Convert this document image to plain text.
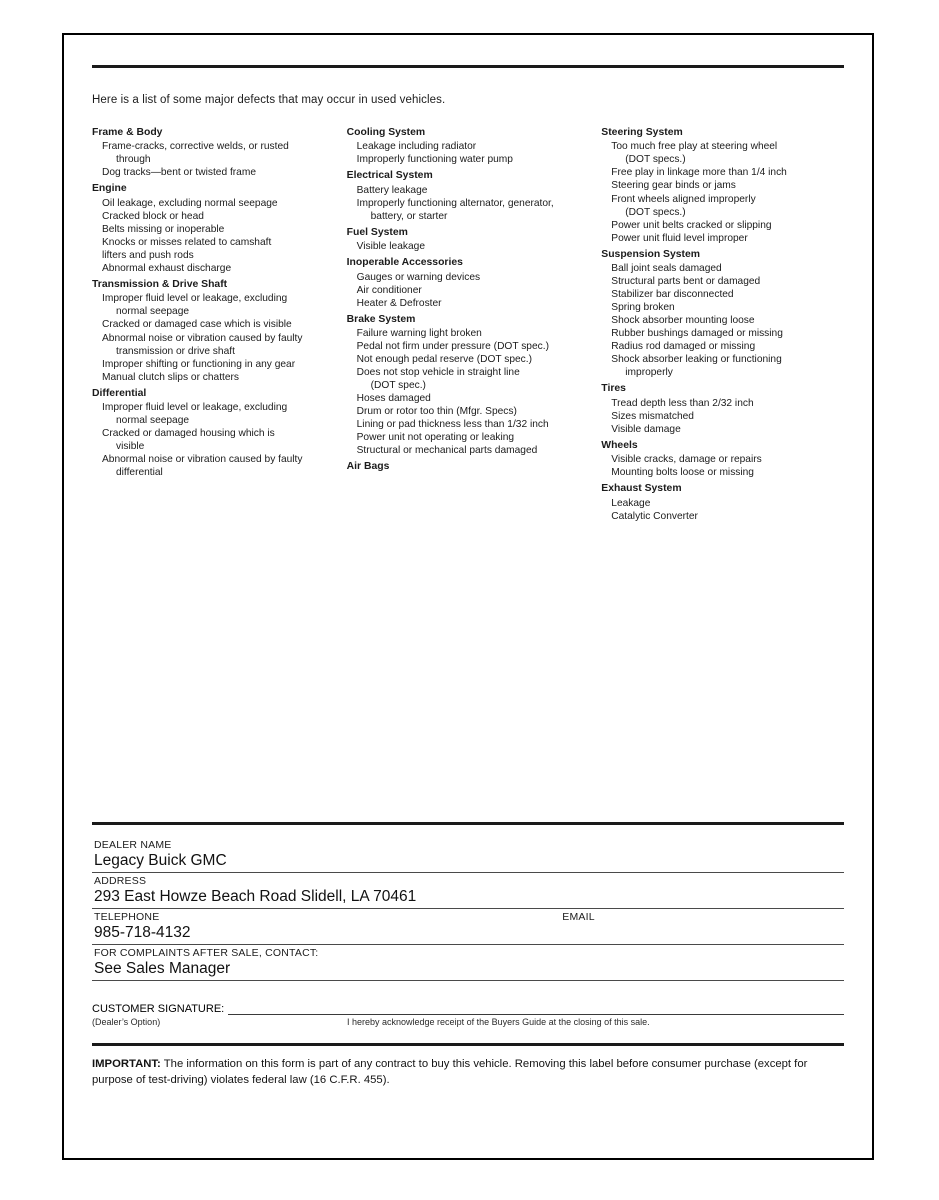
Here is a list of some major defects that may occur in used vehicles.
Frame & Body
Frame-cracks, corrective welds, or rusted
through
Dog tracks—bent or twisted frame
Engine
Oil leakage, excluding normal seepage
Cracked block or head
Belts missing or inoperable
Knocks or misses related to camshaft
lifters and push rods
Abnormal exhaust discharge
Transmission & Drive Shaft
Improper fluid level or leakage, excluding
normal seepage
Cracked or damaged case which is visible
Abnormal noise or vibration caused by faulty
transmission or drive shaft
Improper shifting or functioning in any gear
Manual clutch slips or chatters
Differential
Improper fluid level or leakage, excluding
normal seepage
Cracked or damaged housing which is
visible
Abnormal noise or vibration caused by faulty
differential
Cooling System
Leakage including radiator
Improperly functioning water pump
Electrical System
Battery leakage
Improperly functioning alternator, generator,
battery, or starter
Fuel System
Visible leakage
Inoperable Accessories
Gauges or warning devices
Air conditioner
Heater & Defroster
Brake System
Failure warning light broken
Pedal not firm under pressure (DOT spec.)
Not enough pedal reserve (DOT spec.)
Does not stop vehicle in straight line
(DOT spec.)
Hoses damaged
Drum or rotor too thin (Mfgr. Specs)
Lining or pad thickness less than 1/32 inch
Power unit not operating or leaking
Structural or mechanical parts damaged
Air Bags
Steering System
Too much free play at steering wheel
(DOT specs.)
Free play in linkage more than 1/4 inch
Steering gear binds or jams
Front wheels aligned improperly
(DOT specs.)
Power unit belts cracked or slipping
Power unit fluid level improper
Suspension System
Ball joint seals damaged
Structural parts bent or damaged
Stabilizer bar disconnected
Spring broken
Shock absorber mounting loose
Rubber bushings damaged or missing
Radius rod damaged or missing
Shock absorber leaking or functioning
improperly
Tires
Tread depth less than 2/32 inch
Sizes mismatched
Visible damage
Wheels
Visible cracks, damage or repairs
Mounting bolts loose or missing
Exhaust System
Leakage
Catalytic Converter
DEALER NAME
Legacy Buick GMC
ADDRESS
293 East Howze Beach Road Slidell, LA 70461
TELEPHONE	EMAIL
985-718-4132
FOR COMPLAINTS AFTER SALE, CONTACT:
See Sales Manager
CUSTOMER SIGNATURE:
(Dealer’s Option)	I hereby acknowledge receipt of the Buyers Guide at the closing of this sale.
IMPORTANT: The information on this form is part of any contract to buy this vehicle. Removing this label before consumer purchase (except for purpose of test-driving) violates federal law (16 C.F.R. 455).
